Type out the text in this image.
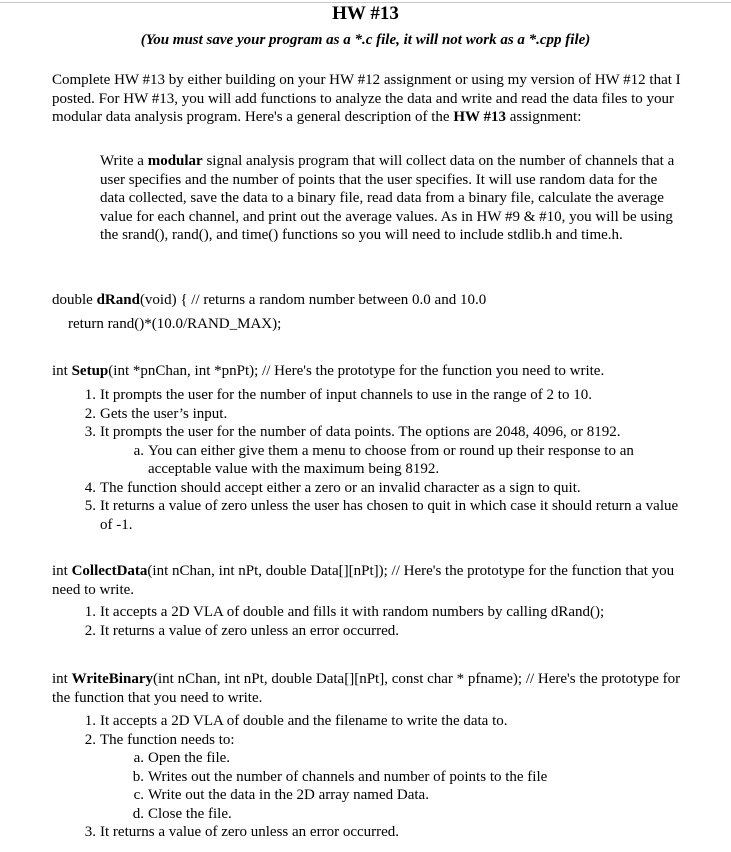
HW #13
(You must save your program as a *.c file, it will not work as a *.cpp file)

Complete HW #13 by either building on your HW #12 assignment or using my version of HW #12 that I posted. For HW #13, you will add functions to analyze the data and write and read the data files to your modular data analysis program. Here's a general description of the HW #13 assignment:

Write a modular signal analysis program that will collect data on the number of channels that a user specifies and the number of points that the user specifies. It will use random data for the data collected, save the data to a binary file, read data from a binary file, calculate the average value for each channel, and print out the average values. As in HW #9 & #10, you will be using the srand(), rand(), and time() functions so you will need to include stdlib.h and time.h.

double dRand(void) { // returns a random number between 0.0 and 10.0
return rand()*(10.0/RAND_MAX);
int Setup(int *pnChan, int *pnPt); // Here's the prototype for the function you need to write.
1. It prompts the user for the number of input channels to use in the range of 2 to 10.
2. Gets the user’s input.
3. It prompts the user for the number of data points. The options are 2048, 4096, or 8192.
a. You can either give them a menu to choose from or round up their response to an acceptable value with the maximum being 8192.
4. The function should accept either a zero or an invalid character as a sign to quit.
5. It returns a value of zero unless the user has chosen to quit in which case it should return a value of -1.
int CollectData(int nChan, int nPt, double Data[][nPt]); // Here's the prototype for the function that you need to write.
1. It accepts a 2D VLA of double and fills it with random numbers by calling dRand();
2. It returns a value of zero unless an error occurred.
int WriteBinary(int nChan, int nPt, double Data[][nPt], const char * pfname); // Here's the prototype for the function that you need to write.
1. It accepts a 2D VLA of double and the filename to write the data to.
2. The function needs to:
a. Open the file.
b. Writes out the number of channels and number of points to the file
c. Write out the data in the 2D array named Data.
d. Close the file.
3. It returns a value of zero unless an error occurred.
